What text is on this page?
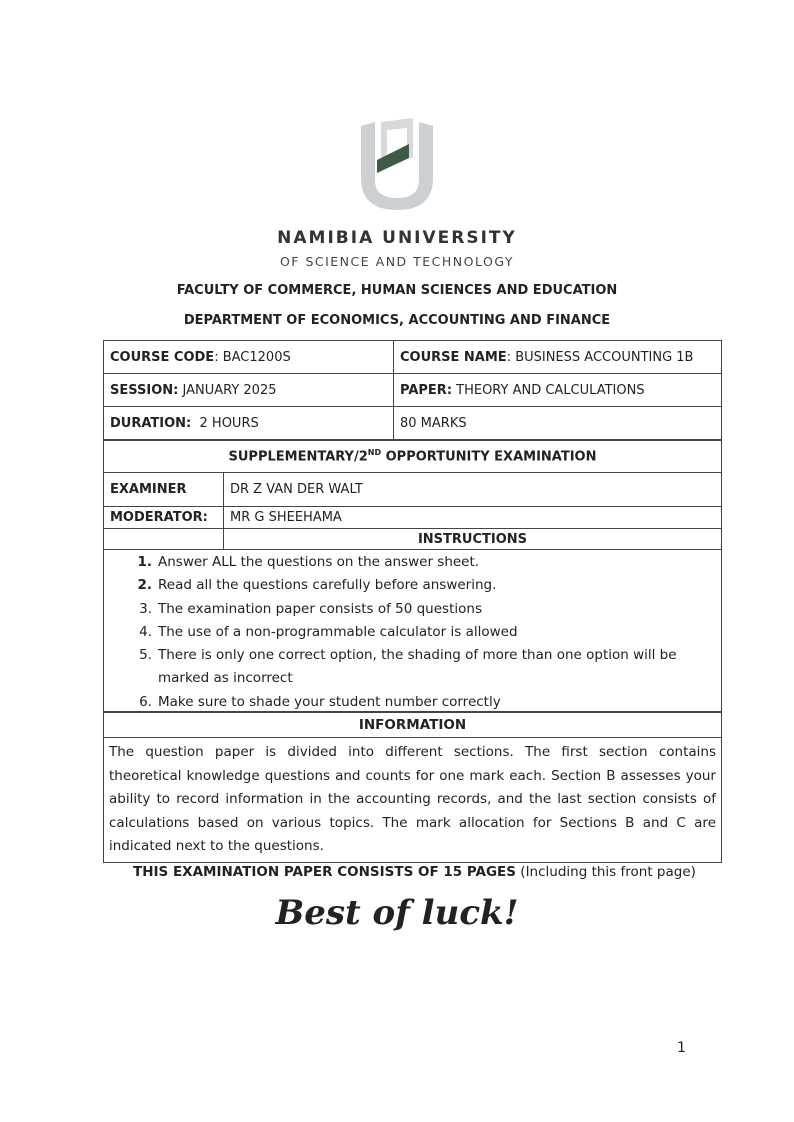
NAMIBIA UNIVERSITY
OF SCIENCE AND TECHNOLOGY
FACULTY OF COMMERCE, HUMAN SCIENCES AND EDUCATION
DEPARTMENT OF ECONOMICS, ACCOUNTING AND FINANCE
COURSE CODE: BAC1200S	COURSE NAME: BUSINESS ACCOUNTING 1B
SESSION: JANUARY 2025	PAPER: THEORY AND CALCULATIONS
DURATION:  2 HOURS	80 MARKS
SUPPLEMENTARY/2ND OPPORTUNITY EXAMINATION	
EXAMINER	DR Z VAN DER WALT
MODERATOR:	MR G SHEEHAMA
	INSTRUCTIONS
1. Answer ALL the questions on the answer sheet.
2. Read all the questions carefully before answering.
3. The examination paper consists of 50 questions
4. The use of a non-programmable calculator is allowed
5. There is only one correct option, the shading of more than one option will be
marked as incorrect
6. Make sure to shade your student number correctly
INFORMATION
The question paper is divided into different sections. The first section contains theoretical knowledge questions and counts for one mark each. Section B assesses your ability to record information in the accounting records, and the last section consists of calculations based on various topics. The mark allocation for Sections B and C are indicated next to the questions.
THIS EXAMINATION PAPER CONSISTS OF 15 PAGES (Including this front page)
Best of luck!
1
